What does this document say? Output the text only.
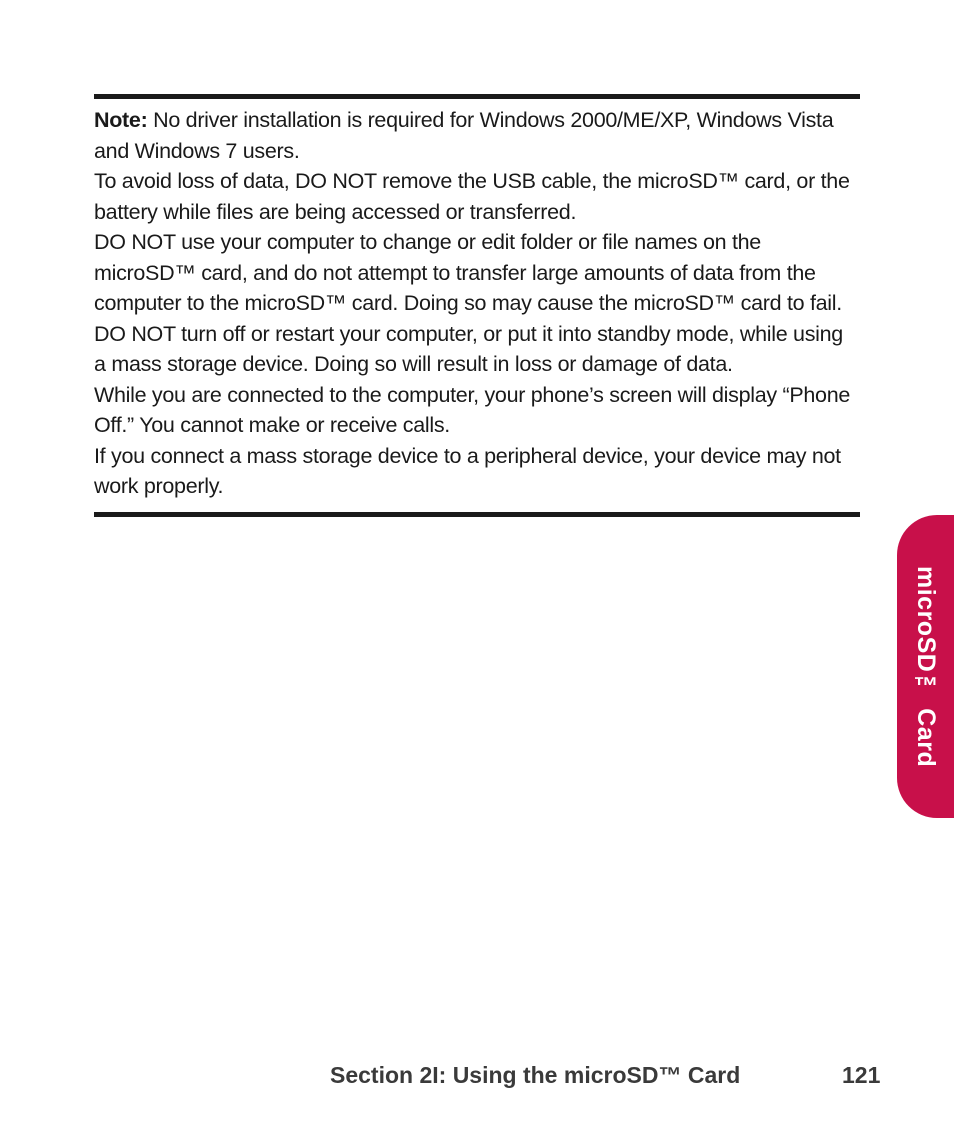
Note: No driver installation is required for Windows 2000/ME/XP, Windows Vista and Windows 7 users.

To avoid loss of data, DO NOT remove the USB cable, the microSD™ card, or the battery while files are being accessed or transferred.

DO NOT use your computer to change or edit folder or file names on the microSD™ card, and do not attempt to transfer large amounts of data from the computer to the microSD™ card. Doing so may cause the microSD™ card to fail.

DO NOT turn off or restart your computer, or put it into standby mode, while using a mass storage device. Doing so will result in loss or damage of data.

While you are connected to the computer, your phone’s screen will display “Phone Off.” You cannot make or receive calls.

If you connect a mass storage device to a peripheral device, your device may not work properly.

microSD™ Card
Section 2I: Using the microSD™ Card	121
